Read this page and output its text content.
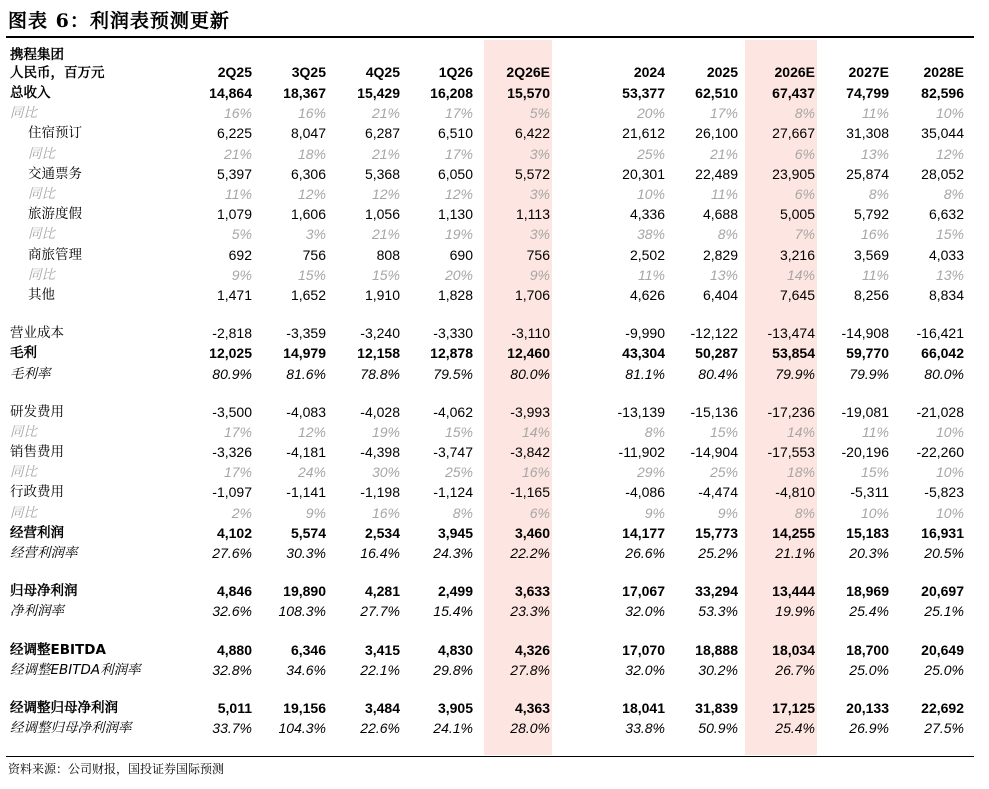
图表 6：利润表预测更新
携程集团
人民币，百万元	2Q25	3Q25	4Q25	1Q26	2Q26E		2024	2025	2026E	2027E	2028E
总收入	14,864	18,367	15,429	16,208	15,570		53,377	62,510	67,437	74,799	82,596
同比	16%	16%	21%	17%	5%		20%	17%	8%	11%	10%
住宿预订	6,225	8,047	6,287	6,510	6,422		21,612	26,100	27,667	31,308	35,044
同比	21%	18%	21%	17%	3%		25%	21%	6%	13%	12%
交通票务	5,397	6,306	5,368	6,050	5,572		20,301	22,489	23,905	25,874	28,052
同比	11%	12%	12%	12%	3%		10%	11%	6%	8%	8%
旅游度假	1,079	1,606	1,056	1,130	1,113		4,336	4,688	5,005	5,792	6,632
同比	5%	3%	21%	19%	3%		38%	8%	7%	16%	15%
商旅管理	692	756	808	690	756		2,502	2,829	3,216	3,569	4,033
同比	9%	15%	15%	20%	9%		11%	13%	14%	11%	13%
其他	1,471	1,652	1,910	1,828	1,706		4,626	6,404	7,645	8,256	8,834

营业成本	-2,818	-3,359	-3,240	-3,330	-3,110		-9,990	-12,122	-13,474	-14,908	-16,421
毛利	12,025	14,979	12,158	12,878	12,460		43,304	50,287	53,854	59,770	66,042
毛利率	80.9%	81.6%	78.8%	79.5%	80.0%		81.1%	80.4%	79.9%	79.9%	80.0%

研发费用	-3,500	-4,083	-4,028	-4,062	-3,993		-13,139	-15,136	-17,236	-19,081	-21,028
同比	17%	12%	19%	15%	14%		8%	15%	14%	11%	10%
销售费用	-3,326	-4,181	-4,398	-3,747	-3,842		-11,902	-14,904	-17,553	-20,196	-22,260
同比	17%	24%	30%	25%	16%		29%	25%	18%	15%	10%
行政费用	-1,097	-1,141	-1,198	-1,124	-1,165		-4,086	-4,474	-4,810	-5,311	-5,823
同比	2%	9%	16%	8%	6%		9%	9%	8%	10%	10%
经营利润	4,102	5,574	2,534	3,945	3,460		14,177	15,773	14,255	15,183	16,931
经营利润率	27.6%	30.3%	16.4%	24.3%	22.2%		26.6%	25.2%	21.1%	20.3%	20.5%

归母净利润	4,846	19,890	4,281	2,499	3,633		17,067	33,294	13,444	18,969	20,697
净利润率	32.6%	108.3%	27.7%	15.4%	23.3%		32.0%	53.3%	19.9%	25.4%	25.1%

经调整EBITDA	4,880	6,346	3,415	4,830	4,326		17,070	18,888	18,034	18,700	20,649
经调整EBITDA利润率	32.8%	34.6%	22.1%	29.8%	27.8%		32.0%	30.2%	26.7%	25.0%	25.0%

经调整归母净利润	5,011	19,156	3,484	3,905	4,363		18,041	31,839	17,125	20,133	22,692
经调整归母净利润率	33.7%	104.3%	22.6%	24.1%	28.0%		33.8%	50.9%	25.4%	26.9%	27.5%
资料来源：公司财报，国投证券国际预测
